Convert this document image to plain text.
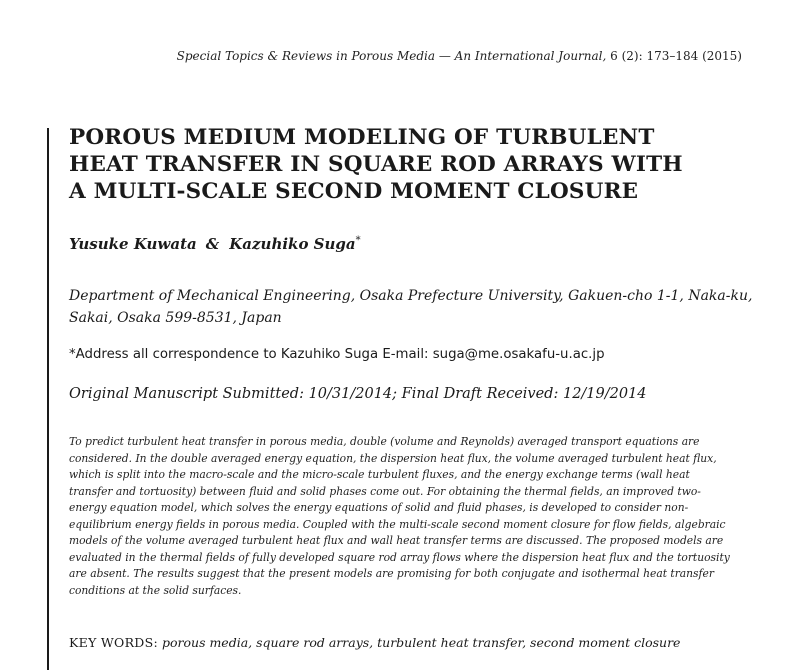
Special Topics & Reviews in Porous Media — An International Journal, 6 (2): 173–184 (2015)
POROUS MEDIUM MODELING OF TURBULENT
HEAT TRANSFER IN SQUARE ROD ARRAYS WITH
A MULTI-SCALE SECOND MOMENT CLOSURE
Yusuke Kuwata & Kazuhiko Suga*
Department of Mechanical Engineering, Osaka Prefecture University, Gakuen-cho 1-1, Naka-ku,
Sakai, Osaka 599-8531, Japan
*Address all correspondence to Kazuhiko Suga E-mail: suga@me.osakafu-u.ac.jp
Original Manuscript Submitted: 10/31/2014; Final Draft Received: 12/19/2014
To predict turbulent heat transfer in porous media, double (volume and Reynolds) averaged transport equations are
considered. In the double averaged energy equation, the dispersion heat flux, the volume averaged turbulent heat flux,
which is split into the macro-scale and the micro-scale turbulent fluxes, and the energy exchange terms (wall heat
transfer and tortuosity) between fluid and solid phases come out. For obtaining the thermal fields, an improved two-
energy equation model, which solves the energy equations of solid and fluid phases, is developed to consider non-
equilibrium energy fields in porous media. Coupled with the multi-scale second moment closure for flow fields, algebraic
models of the volume averaged turbulent heat flux and wall heat transfer terms are discussed. The proposed models are
evaluated in the thermal fields of fully developed square rod array flows where the dispersion heat flux and the tortuosity
are absent. The results suggest that the present models are promising for both conjugate and isothermal heat transfer
conditions at the solid surfaces.
KEY WORDS: porous media, square rod arrays, turbulent heat transfer, second moment closure
